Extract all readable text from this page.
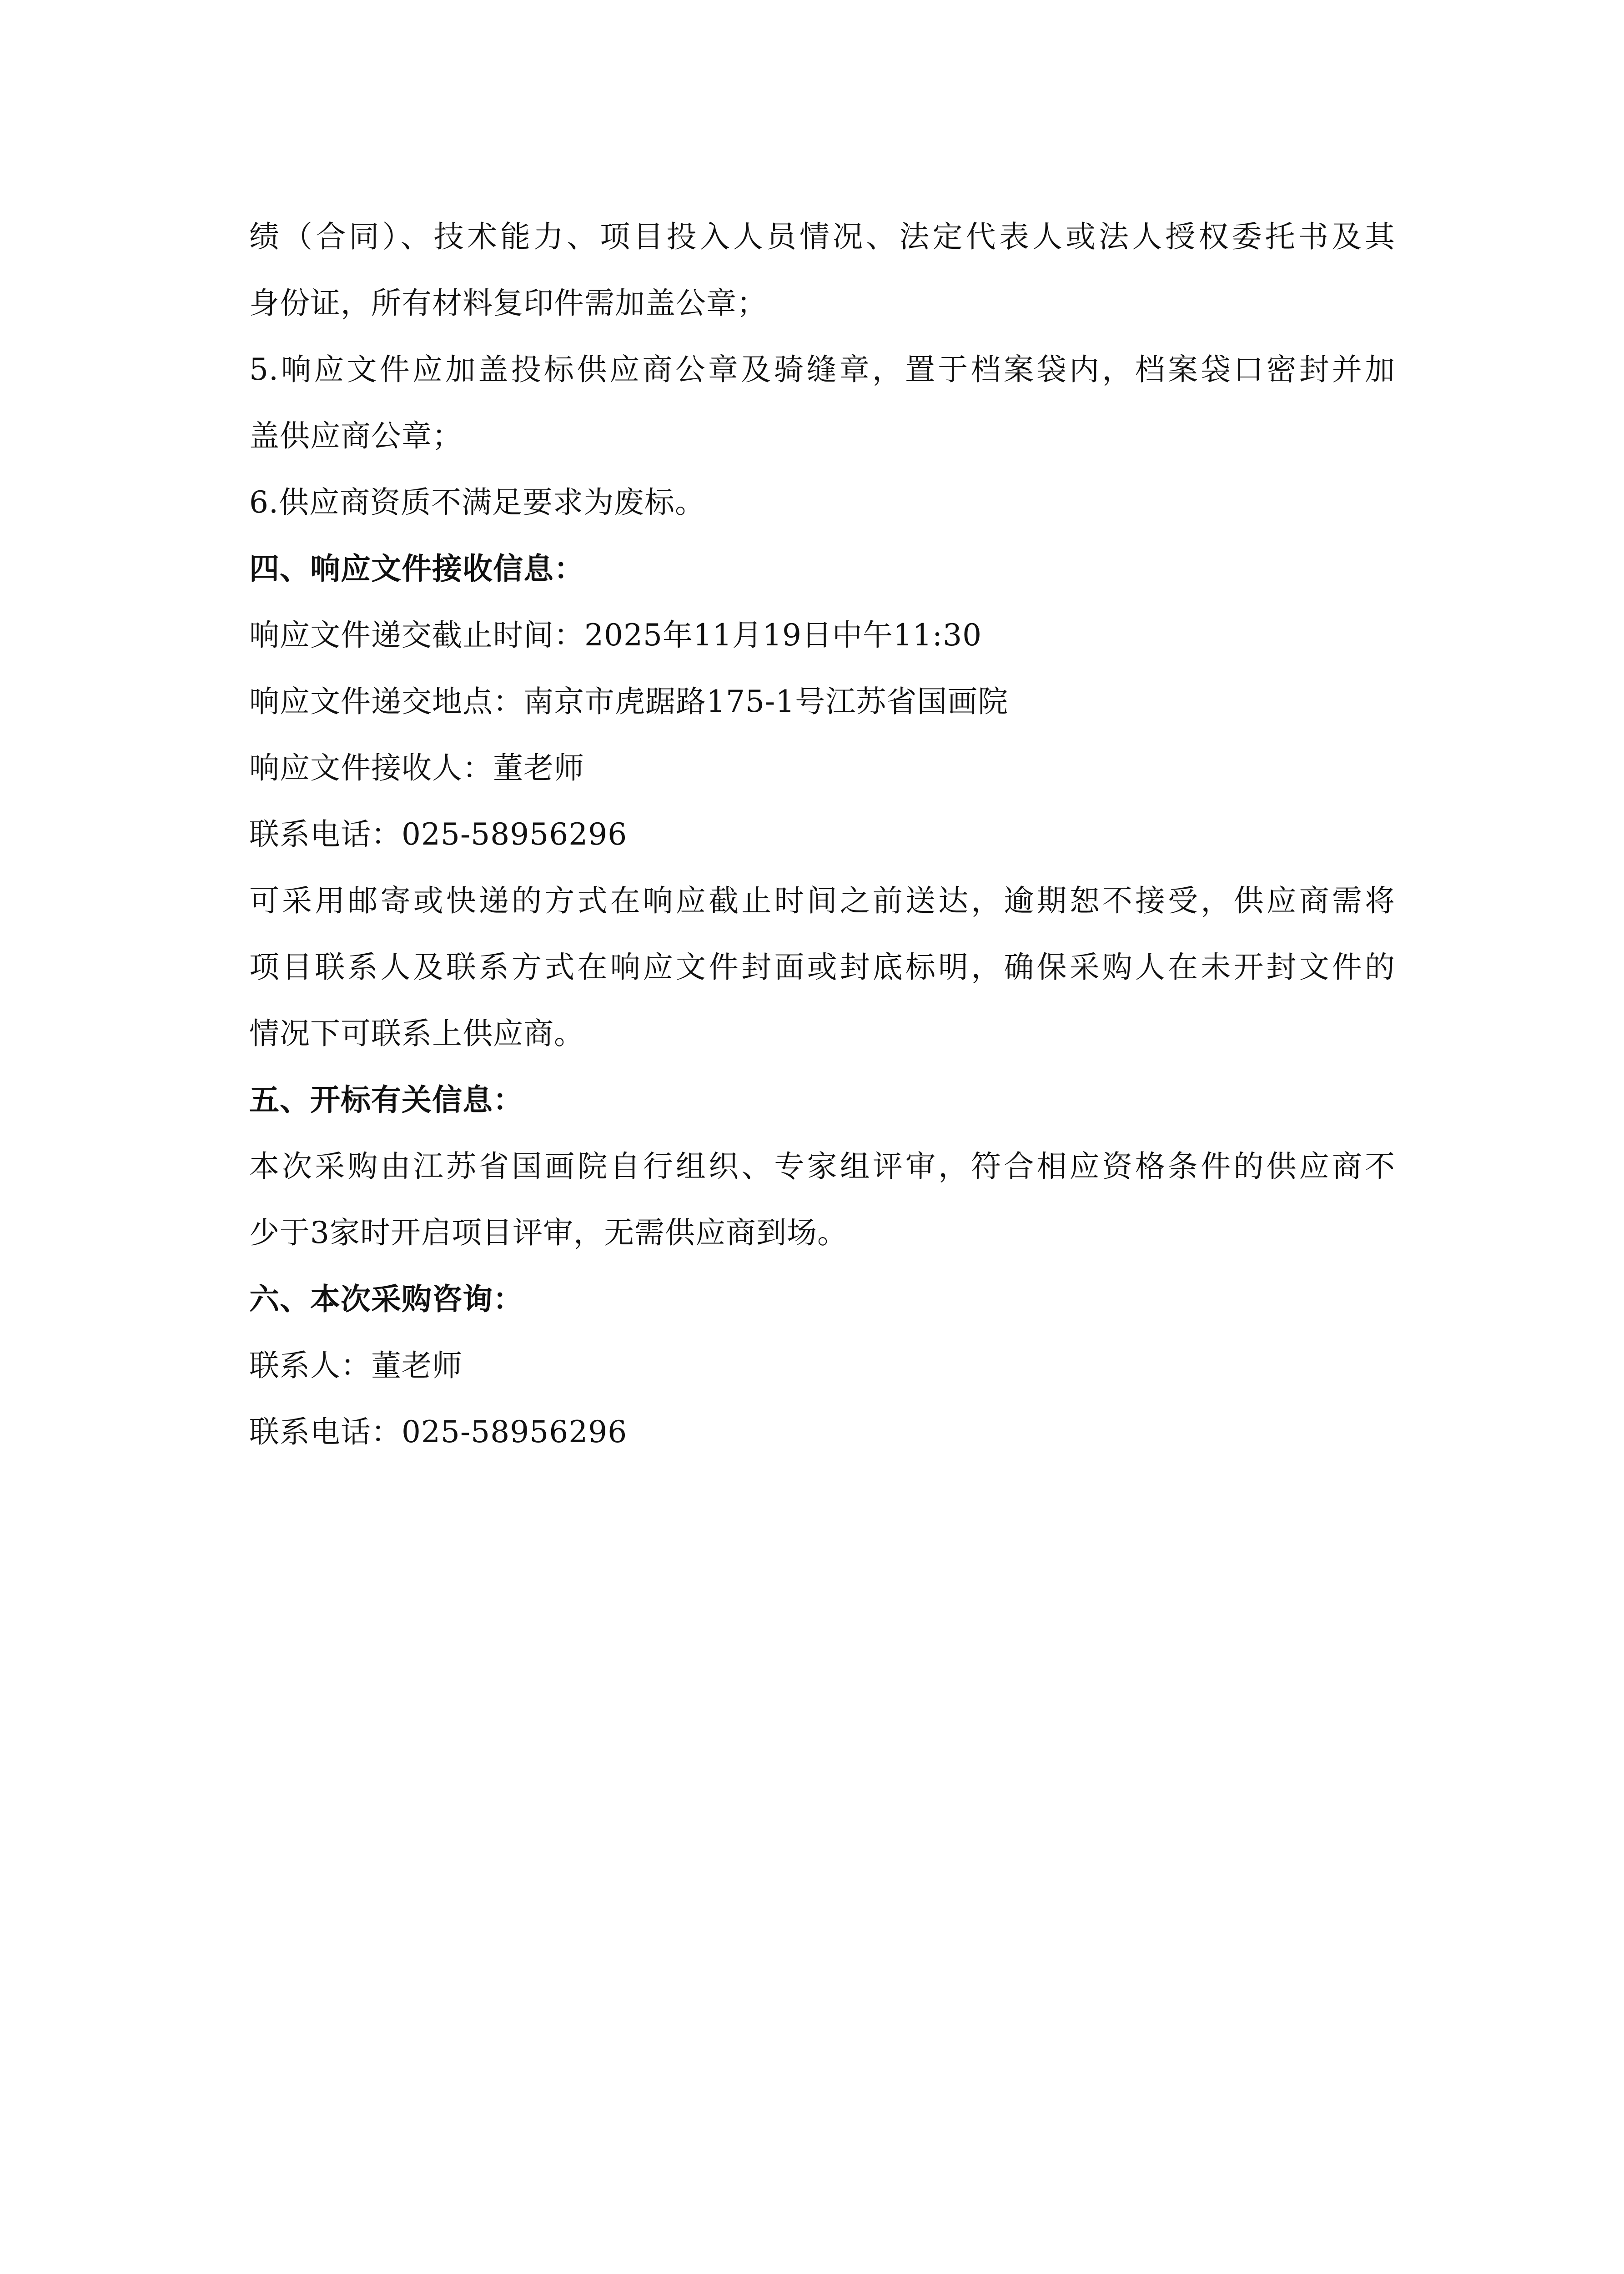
绩（合同）、技术能力、项目投入人员情况、法定代表人或法人授权委托书及其
身份证，所有材料复印件需加盖公章；
5.响应文件应加盖投标供应商公章及骑缝章，置于档案袋内，档案袋口密封并加
盖供应商公章；
6.供应商资质不满足要求为废标。
四、响应文件接收信息：
响应文件递交截止时间：2025年11月19日中午11:30
响应文件递交地点：南京市虎踞路175-1号江苏省国画院
响应文件接收人：董老师
联系电话：025-58956296
可采用邮寄或快递的方式在响应截止时间之前送达，逾期恕不接受，供应商需将
项目联系人及联系方式在响应文件封面或封底标明，确保采购人在未开封文件的
情况下可联系上供应商。
五、开标有关信息：
本次采购由江苏省国画院自行组织、专家组评审，符合相应资格条件的供应商不
少于3家时开启项目评审，无需供应商到场。
六、本次采购咨询：
联系人：董老师
联系电话：025-58956296
